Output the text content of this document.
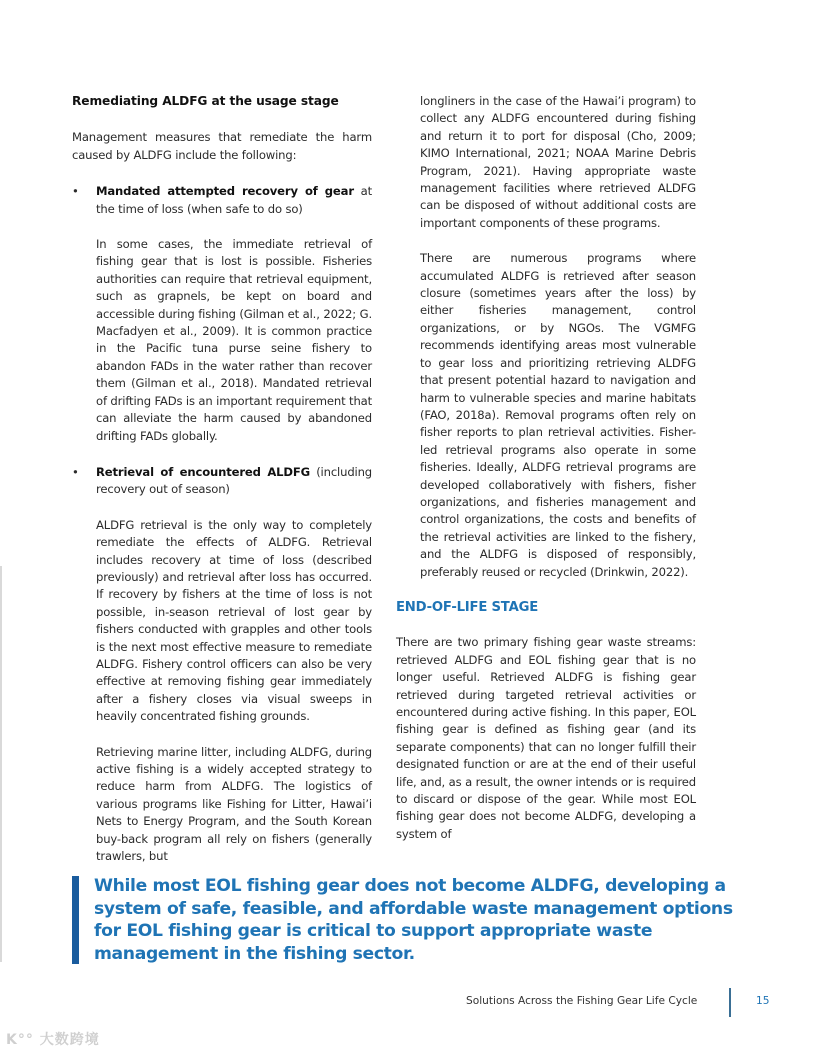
Remediating ALDFG at the usage stage

Management measures that remediate the harm caused by ALDFG include the following:

•	Mandated attempted recovery of gear at the time of loss (when safe to do so)

In some cases, the immediate retrieval of fishing gear that is lost is possible. Fisheries authorities can require that retrieval equipment, such as grapnels, be kept on board and accessible during fishing (Gilman et al., 2022; G. Macfadyen et al., 2009). It is common practice in the Pacific tuna purse seine fishery to abandon FADs in the water rather than recover them (Gilman et al., 2018). Mandated retrieval of drifting FADs is an important requirement that can alleviate the harm caused by abandoned drifting FADs globally.

•	Retrieval of encountered ALDFG (including recovery out of season)

ALDFG retrieval is the only way to completely remediate the effects of ALDFG. Retrieval includes recovery at time of loss (described previously) and retrieval after loss has occurred. If recovery by fishers at the time of loss is not possible, in-season retrieval of lost gear by fishers conducted with grapples and other tools is the next most effective measure to remediate ALDFG. Fishery control officers can also be very effective at removing fishing gear immediately after a fishery closes via visual sweeps in heavily concentrated fishing grounds.

Retrieving marine litter, including ALDFG, during active fishing is a widely accepted strategy to reduce harm from ALDFG. The logistics of various programs like Fishing for Litter, Hawai’i Nets to Energy Program, and the South Korean buy-back program all rely on fishers (generally trawlers, but

longliners in the case of the Hawai’i program) to collect any ALDFG encountered during fishing and return it to port for disposal (Cho, 2009; KIMO International, 2021; NOAA Marine Debris Program, 2021). Having appropriate waste management facilities where retrieved ALDFG can be disposed of without additional costs are important components of these programs.

There are numerous programs where accumulated ALDFG is retrieved after season closure (sometimes years after the loss) by either fisheries management, control organizations, or by NGOs. The VGMFG recommends identifying areas most vulnerable to gear loss and prioritizing retrieving ALDFG that present potential hazard to navigation and harm to vulnerable species and marine habitats (FAO, 2018a). Removal programs often rely on fisher reports to plan retrieval activities. Fisher-led retrieval programs also operate in some fisheries. Ideally, ALDFG retrieval programs are developed collaboratively with fishers, fisher organizations, and fisheries management and control organizations, the costs and benefits of the retrieval activities are linked to the fishery, and the ALDFG is disposed of responsibly, preferably reused or recycled (Drinkwin, 2022).

END-OF-LIFE STAGE

There are two primary fishing gear waste streams: retrieved ALDFG and EOL fishing gear that is no longer useful. Retrieved ALDFG is fishing gear retrieved during targeted retrieval activities or encountered during active fishing. In this paper, EOL fishing gear is defined as fishing gear (and its separate components) that can no longer fulfill their designated function or are at the end of their useful life, and, as a result, the owner intends or is required to discard or dispose of the gear. While most EOL fishing gear does not become ALDFG, developing a system of

While most EOL fishing gear does not become ALDFG, developing a system of safe, feasible, and affordable waste management options for EOL fishing gear is critical to support appropriate waste management in the fishing sector.
Solutions Across the Fishing Gear Life Cycle	15
K°° 大数跨境
